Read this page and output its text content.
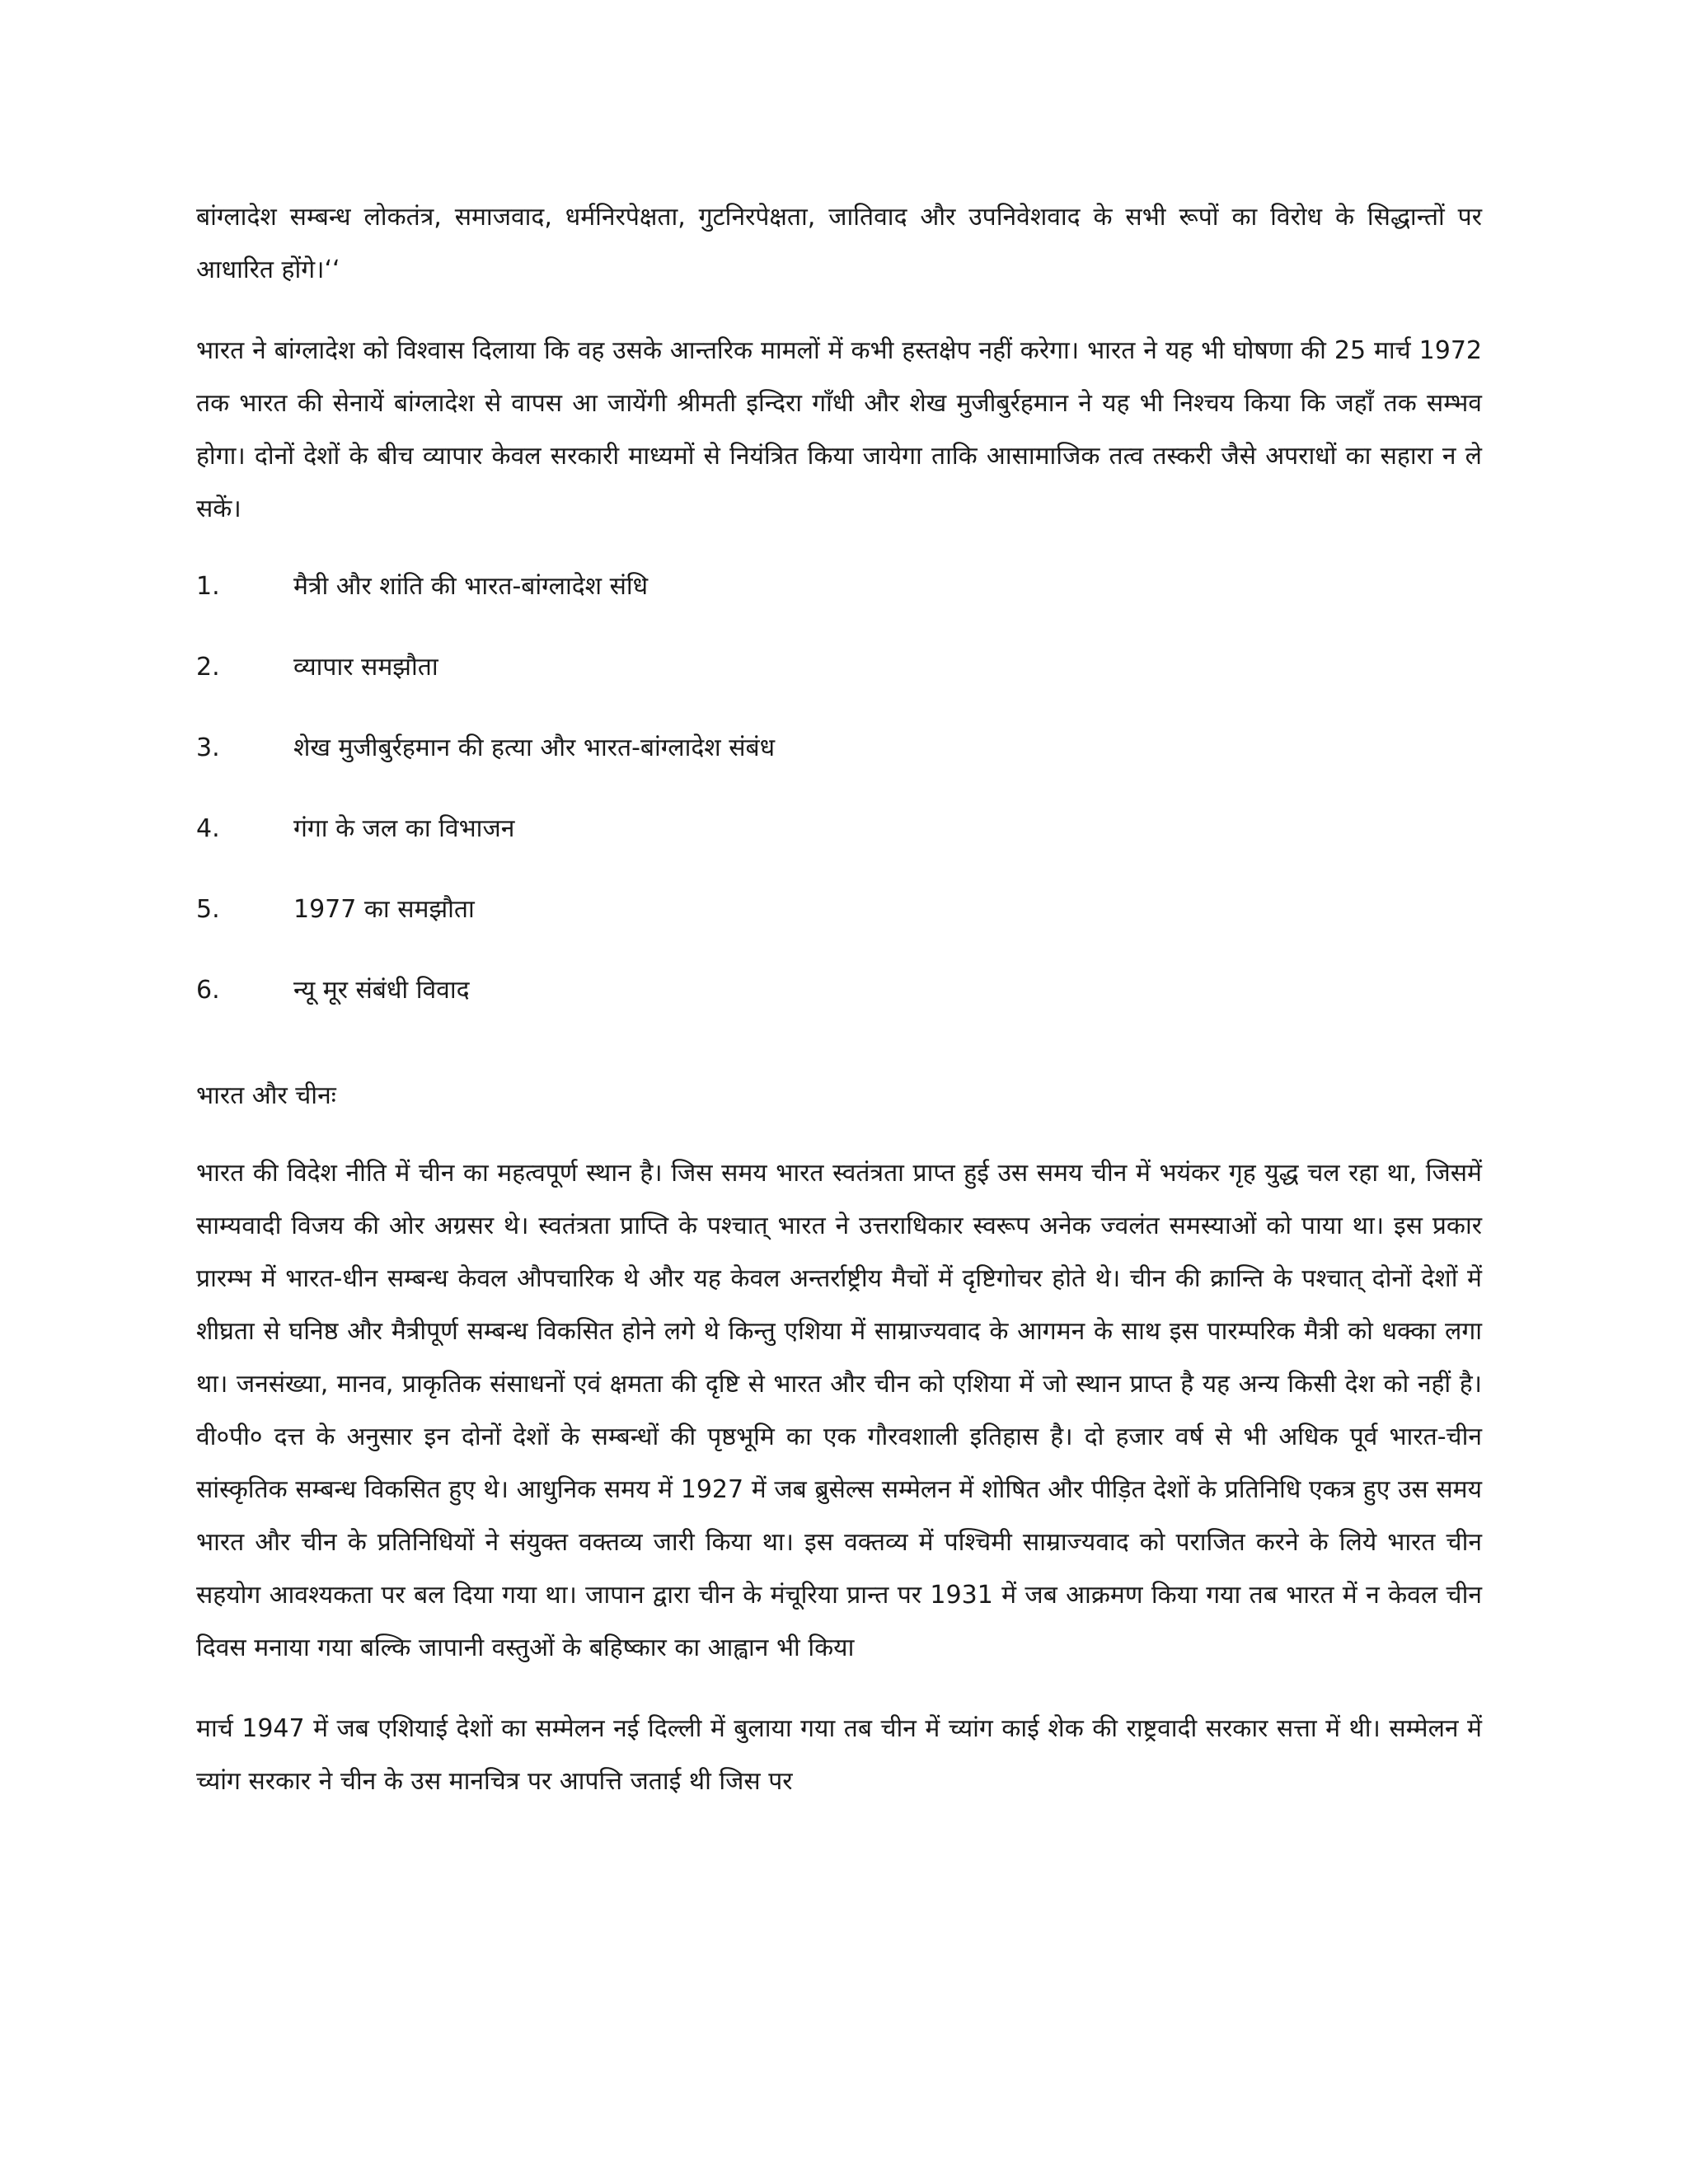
बांग्लादेश सम्बन्ध लोकतंत्र, समाजवाद, धर्मनिरपेक्षता, गुटनिरपेक्षता, जातिवाद और उपनिवेशवाद के सभी रूपों का विरोध के सिद्धान्तों पर आधारित होंगे।‘‘

भारत ने बांग्लादेश को विश्वास दिलाया कि वह उसके आन्तरिक मामलों में कभी हस्तक्षेप नहीं करेगा। भारत ने यह भी घोषणा की 25 मार्च 1972 तक भारत की सेनायें बांग्लादेश से वापस आ जायेंगी श्रीमती इन्दिरा गाँधी और शेख मुजीबुर्रहमान ने यह भी निश्चय किया कि जहाँ तक सम्भव होगा। दोनों देशों के बीच व्यापार केवल सरकारी माध्यमों से नियंत्रित किया जायेगा ताकि आसामाजिक तत्व तस्करी जैसे अपराधों का सहारा न ले सकें।

1.	मैत्री और शांति की भारत-बांग्लादेश संधि
2.	व्यापार समझौता
3.	शेख मुजीबुर्रहमान की हत्या और भारत-बांग्लादेश संबंध
4.	गंगा के जल का विभाजन
5.	1977 का समझौता
6.	न्यू मूर संबंधी विवाद

भारत और चीनः

भारत की विदेश नीति में चीन का महत्वपूर्ण स्थान है। जिस समय भारत स्वतंत्रता प्राप्त हुई उस समय चीन में भयंकर गृह युद्ध चल रहा था, जिसमें साम्यवादी विजय की ओर अग्रसर थे। स्वतंत्रता प्राप्ति के पश्चात् भारत ने उत्तराधिकार स्वरूप अनेक ज्वलंत समस्याओं को पाया था। इस प्रकार प्रारम्भ में भारत-धीन सम्बन्ध केवल औपचारिक थे और यह केवल अन्तर्राष्ट्रीय मैचों में दृष्टिगोचर होते थे। चीन की क्रान्ति के पश्चात् दोनों देशों में शीघ्रता से घनिष्ठ और मैत्रीपूर्ण सम्बन्ध विकसित होने लगे थे किन्तु एशिया में साम्राज्यवाद के आगमन के साथ इस पारम्परिक मैत्री को धक्का लगा था। जनसंख्या, मानव, प्राकृतिक संसाधनों एवं क्षमता की दृष्टि से भारत और चीन को एशिया में जो स्थान प्राप्त है यह अन्य किसी देश को नहीं है। वी०पी० दत्त के अनुसार इन दोनों देशों के सम्बन्धों की पृष्ठभूमि का एक गौरवशाली इतिहास है। दो हजार वर्ष से भी अधिक पूर्व भारत-चीन सांस्कृतिक सम्बन्ध विकसित हुए थे। आधुनिक समय में 1927 में जब ब्रुसेल्स सम्मेलन में शोषित और पीड़ित देशों के प्रतिनिधि एकत्र हुए उस समय भारत और चीन के प्रतिनिधियों ने संयुक्त वक्तव्य जारी किया था। इस वक्तव्य में पश्चिमी साम्राज्यवाद को पराजित करने के लिये भारत चीन सहयोग आवश्यकता पर बल दिया गया था। जापान द्वारा चीन के मंचूरिया प्रान्त पर 1931 में जब आक्रमण किया गया तब भारत में न केवल चीन दिवस मनाया गया बल्कि जापानी वस्तुओं के बहिष्कार का आह्वान भी किया

मार्च 1947 में जब एशियाई देशों का सम्मेलन नई दिल्ली में बुलाया गया तब चीन में च्यांग काई शेक की राष्ट्रवादी सरकार सत्ता में थी। सम्मेलन में च्यांग सरकार ने चीन के उस मानचित्र पर आपत्ति जताई थी जिस पर
